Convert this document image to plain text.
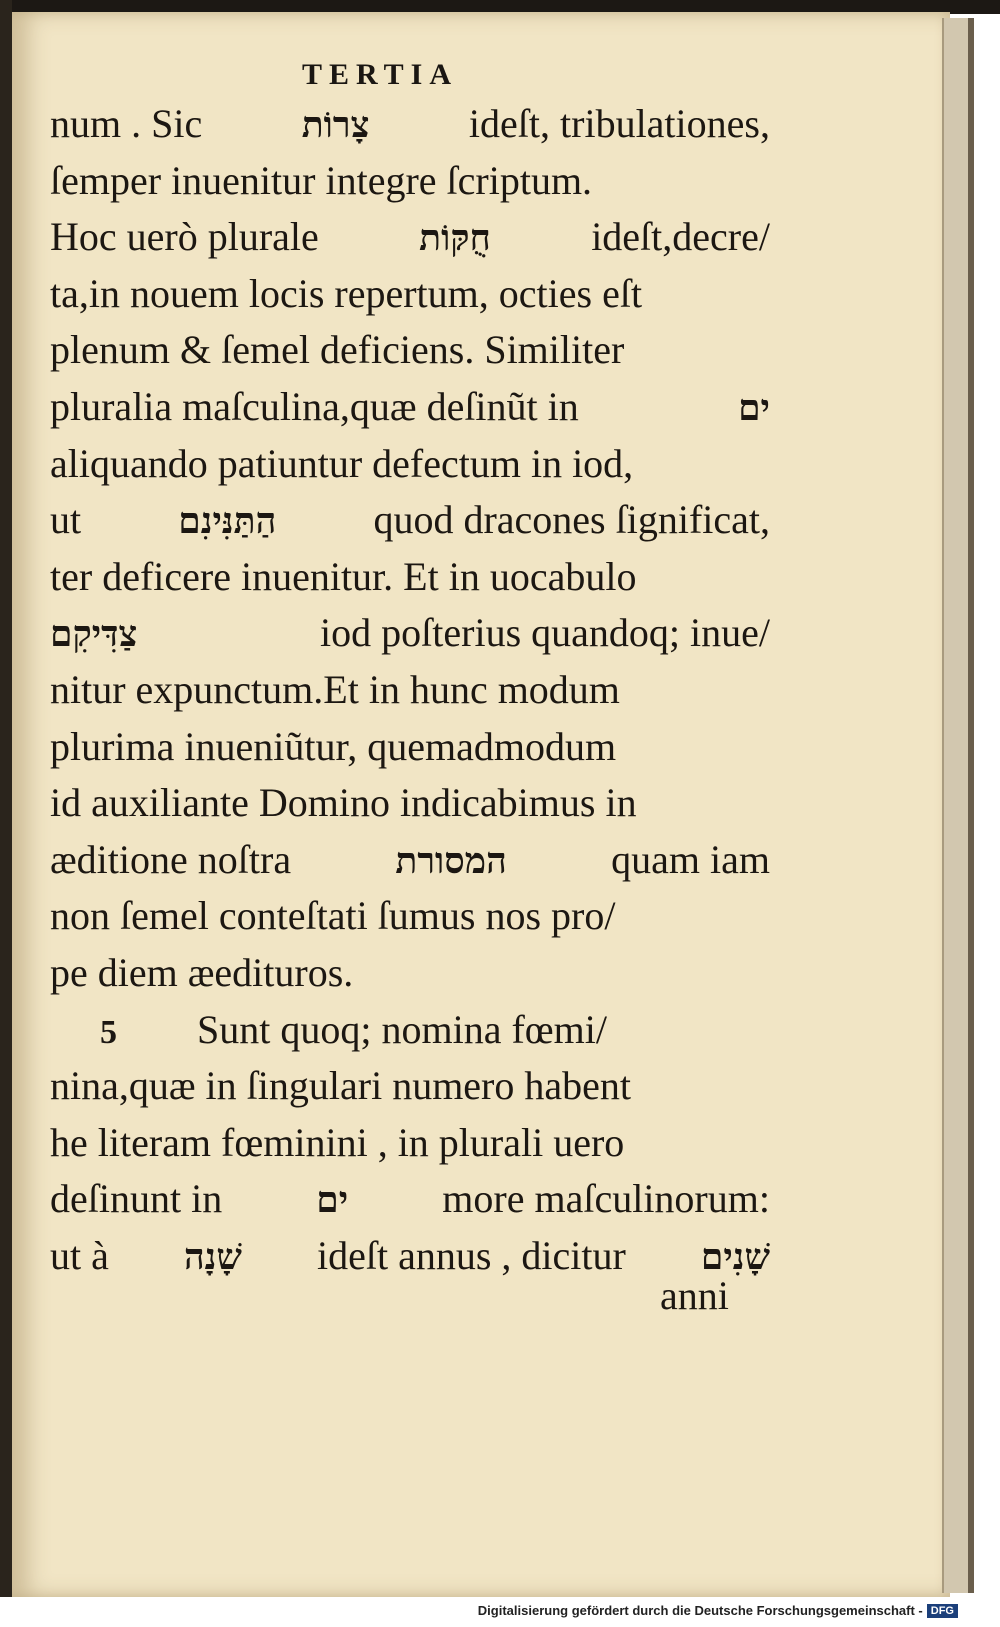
TERTIA
num . Sic	צָרוֹת ideſt, tribulationes,
ſemper inuenitur integre ſcriptum.
Hoc uerò plurale	חֻקּוֹת	ideſt,decre/
ta,in nouem locis repertum, octies eſt
plenum & ſemel deficiens. Similiter
pluralia maſculina,quæ deſinũt in	ים
aliquando patiuntur defectum in iod,
ut	הַתַּנִּינִם quod dracones ſignificat,
ter deficere inuenitur. Et in uocabulo
צַדִּיקִם	iod poſterius quandoq; inue/
nitur expunctum.Et in hunc modum
plurima inueniũtur, quemadmodum
id auxiliante Domino indicabimus in
æditione noſtra	המסורת	quam iam
non ſemel conteſtati ſumus nos pro/
pe diem æedituros.
5 Sunt quoq; nomina fœmi/
nina,quæ in ſingulari numero habent
he literam fœminini , in plurali uero
deſinunt in	ים more maſculinorum:
ut à שָׁנָה ideſt annus , dicitur שָׁנִים
anni
Digitalisierung gefördert durch die Deutsche Forschungsgemeinschaft - DFG
